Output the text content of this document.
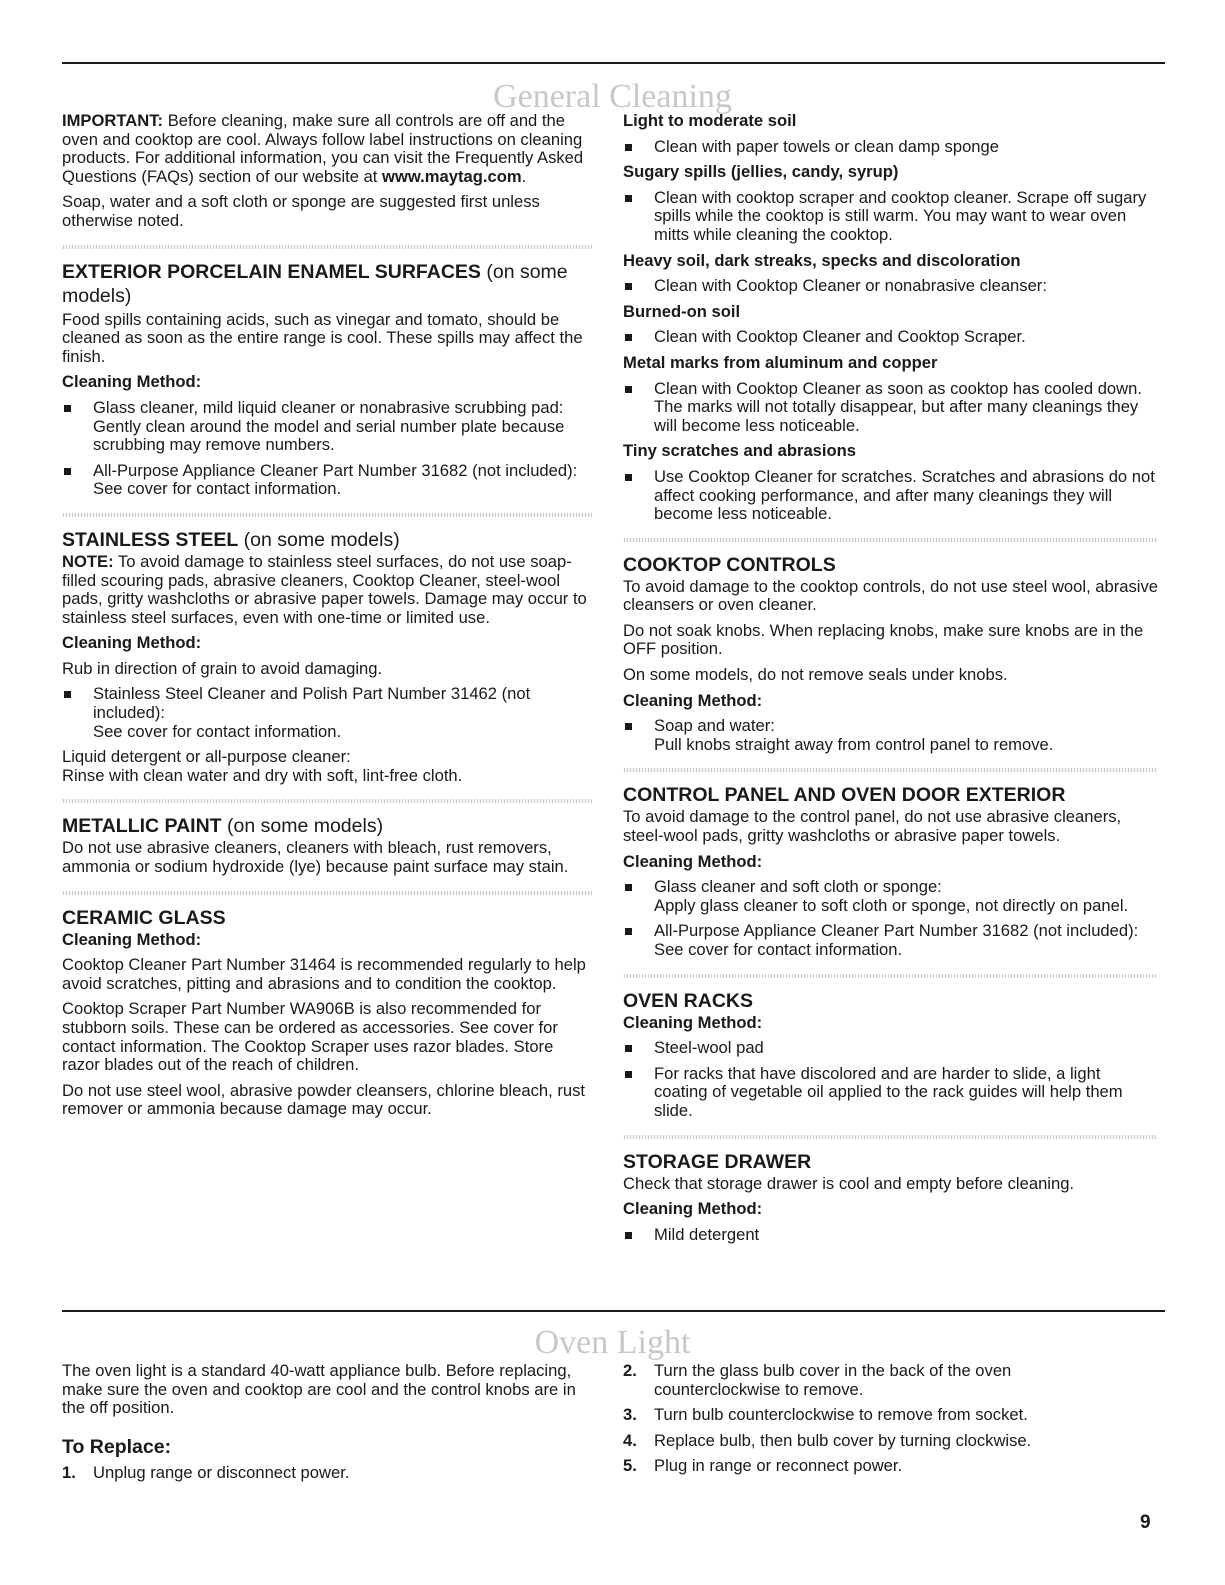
General Cleaning

IMPORTANT: Before cleaning, make sure all controls are off and the oven and cooktop are cool. Always follow label instructions on cleaning products. For additional information, you can visit the Frequently Asked Questions (FAQs) section of our website at www.maytag.com.

Soap, water and a soft cloth or sponge are suggested first unless otherwise noted.

EXTERIOR PORCELAIN ENAMEL SURFACES (on some
models)

Food spills containing acids, such as vinegar and tomato, should be cleaned as soon as the entire range is cool. These spills may affect the finish.

Cleaning Method:

Glass cleaner, mild liquid cleaner or nonabrasive scrubbing pad:
Gently clean around the model and serial number plate because scrubbing may remove numbers.
All-Purpose Appliance Cleaner Part Number 31682 (not included):
See cover for contact information.
STAINLESS STEEL (on some models)

NOTE: To avoid damage to stainless steel surfaces, do not use soap-filled scouring pads, abrasive cleaners, Cooktop Cleaner, steel-wool pads, gritty washcloths or abrasive paper towels. Damage may occur to stainless steel surfaces, even with one-time or limited use.

Cleaning Method:

Rub in direction of grain to avoid damaging.

Stainless Steel Cleaner and Polish Part Number 31462 (not included):
See cover for contact information.

Liquid detergent or all-purpose cleaner:
Rinse with clean water and dry with soft, lint-free cloth.

METALLIC PAINT (on some models)

Do not use abrasive cleaners, cleaners with bleach, rust removers, ammonia or sodium hydroxide (lye) because paint surface may stain.

CERAMIC GLASS

Cleaning Method:

Cooktop Cleaner Part Number 31464 is recommended regularly to help avoid scratches, pitting and abrasions and to condition the cooktop.

Cooktop Scraper Part Number WA906B is also recommended for stubborn soils. These can be ordered as accessories. See cover for contact information. The Cooktop Scraper uses razor blades. Store razor blades out of the reach of children.

Do not use steel wool, abrasive powder cleansers, chlorine bleach, rust remover or ammonia because damage may occur.

Light to moderate soil

Clean with paper towels or clean damp sponge

Sugary spills (jellies, candy, syrup)

Clean with cooktop scraper and cooktop cleaner. Scrape off sugary spills while the cooktop is still warm. You may want to wear oven mitts while cleaning the cooktop.

Heavy soil, dark streaks, specks and discoloration

Clean with Cooktop Cleaner or nonabrasive cleanser:

Burned-on soil

Clean with Cooktop Cleaner and Cooktop Scraper.

Metal marks from aluminum and copper

Clean with Cooktop Cleaner as soon as cooktop has cooled down. The marks will not totally disappear, but after many cleanings they will become less noticeable.

Tiny scratches and abrasions

Use Cooktop Cleaner for scratches. Scratches and abrasions do not affect cooking performance, and after many cleanings they will become less noticeable.
COOKTOP CONTROLS

To avoid damage to the cooktop controls, do not use steel wool, abrasive cleansers or oven cleaner.

Do not soak knobs. When replacing knobs, make sure knobs are in the OFF position.

On some models, do not remove seals under knobs.

Cleaning Method:

Soap and water:
Pull knobs straight away from control panel to remove.
CONTROL PANEL AND OVEN DOOR EXTERIOR

To avoid damage to the control panel, do not use abrasive cleaners, steel-wool pads, gritty washcloths or abrasive paper towels.

Cleaning Method:

Glass cleaner and soft cloth or sponge:
Apply glass cleaner to soft cloth or sponge, not directly on panel.
All-Purpose Appliance Cleaner Part Number 31682 (not included):
See cover for contact information.
OVEN RACKS

Cleaning Method:

Steel-wool pad
For racks that have discolored and are harder to slide, a light coating of vegetable oil applied to the rack guides will help them slide.
STORAGE DRAWER

Check that storage drawer is cool and empty before cleaning.

Cleaning Method:

Mild detergent
Oven Light

The oven light is a standard 40-watt appliance bulb. Before replacing, make sure the oven and cooktop are cool and the control knobs are in the off position.

To Replace:
1. Unplug range or disconnect power.
2. Turn the glass bulb cover in the back of the oven counterclockwise to remove.
3. Turn bulb counterclockwise to remove from socket.
4. Replace bulb, then bulb cover by turning clockwise.
5. Plug in range or reconnect power.
9
